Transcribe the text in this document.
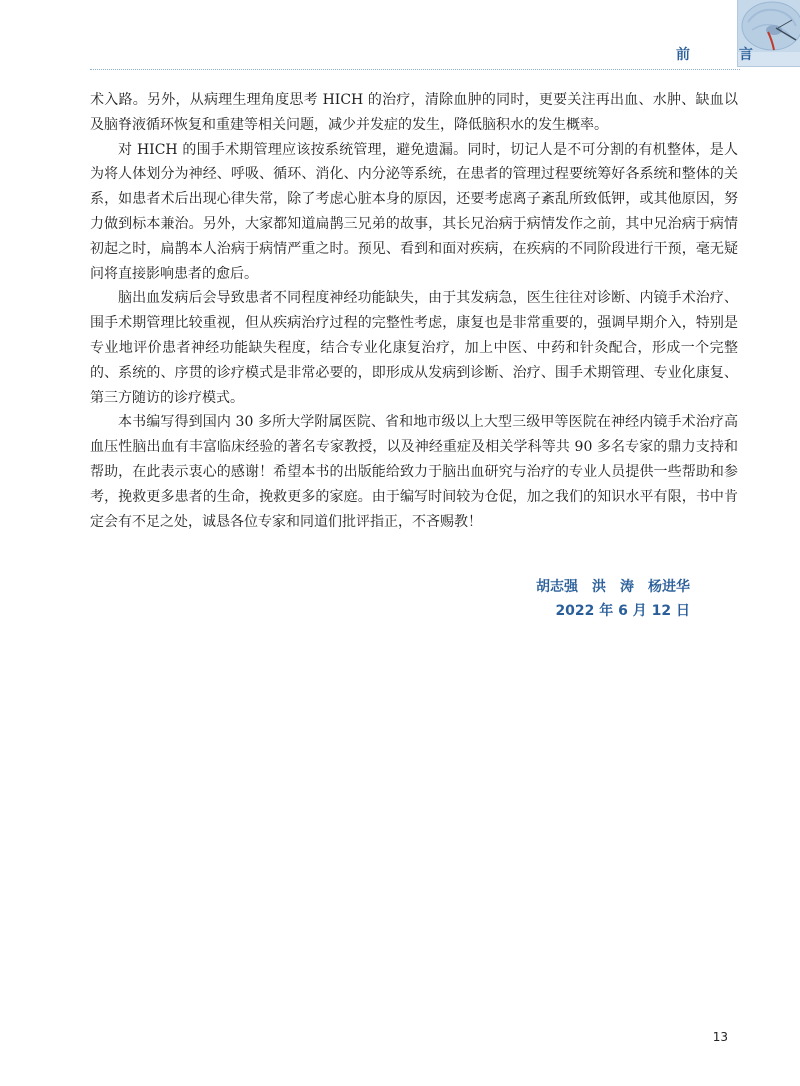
前 言

术入路。另外，从病理生理角度思考 HICH 的治疗，清除血肿的同时，更要关注再出血、水肿、缺血以及脑脊液循环恢复和重建等相关问题，减少并发症的发生，降低脑积水的发生概率。

对 HICH 的围手术期管理应该按系统管理，避免遗漏。同时，切记人是不可分割的有机整体，是人为将人体划分为神经、呼吸、循环、消化、内分泌等系统，在患者的管理过程要统筹好各系统和整体的关系，如患者术后出现心律失常，除了考虑心脏本身的原因，还要考虑离子紊乱所致低钾，或其他原因，努力做到标本兼治。另外，大家都知道扁鹊三兄弟的故事，其长兄治病于病情发作之前，其中兄治病于病情初起之时，扁鹊本人治病于病情严重之时。预见、看到和面对疾病，在疾病的不同阶段进行干预，毫无疑问将直接影响患者的愈后。

脑出血发病后会导致患者不同程度神经功能缺失，由于其发病急，医生往往对诊断、内镜手术治疗、围手术期管理比较重视，但从疾病治疗过程的完整性考虑，康复也是非常重要的，强调早期介入，特别是专业地评价患者神经功能缺失程度，结合专业化康复治疗，加上中医、中药和针灸配合，形成一个完整的、系统的、序贯的诊疗模式是非常必要的，即形成从发病到诊断、治疗、围手术期管理、专业化康复、第三方随访的诊疗模式。

本书编写得到国内 30 多所大学附属医院、省和地市级以上大型三级甲等医院在神经内镜手术治疗高血压性脑出血有丰富临床经验的著名专家教授，以及神经重症及相关学科等共 90 多名专家的鼎力支持和帮助，在此表示衷心的感谢！希望本书的出版能给致力于脑出血研究与治疗的专业人员提供一些帮助和参考，挽救更多患者的生命，挽救更多的家庭。由于编写时间较为仓促，加之我们的知识水平有限，书中肯定会有不足之处，诚恳各位专家和同道们批评指正，不吝赐教！

胡志强　洪　涛　杨进华
2022 年 6 月 12 日
13
